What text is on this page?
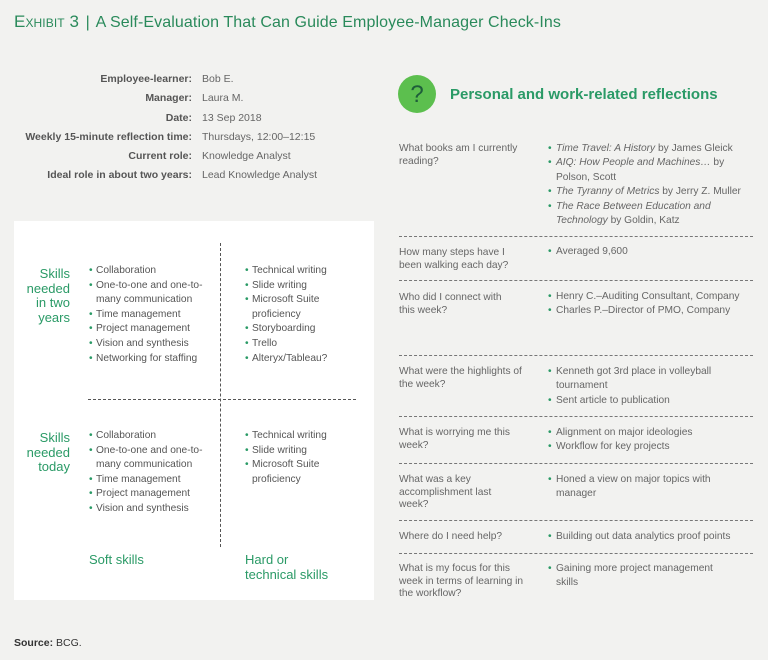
Exhibit 3 | A Self-Evaluation That Can Guide Employee-Manager Check-Ins
Employee-learner: Bob E.
Manager: Laura M.
Date: 13 Sep 2018
Weekly 15-minute reflection time: Thursdays, 12:00–12:15
Current role: Knowledge Analyst
Ideal role in about two years: Lead Knowledge Analyst
Skills
needed
in two
years
Skills
needed
today
• Collaboration
• One-to-one and one-to-many communication
• Time management
• Project management
• Vision and synthesis
• Networking for staffing
• Technical writing
• Slide writing
• Microsoft Suite proficiency
• Storyboarding
• Trello
• Alteryx/Tableau?
• Collaboration
• One-to-one and one-to-many communication
• Time management
• Project management
• Vision and synthesis
• Technical writing
• Slide writing
• Microsoft Suite proficiency
Soft skills	Hard or
technical skills
? Personal and work-related reflections
What books am I currently reading?
• Time Travel: A History by James Gleick
• AIQ: How People and Machines… by Polson, Scott
• The Tyranny of Metrics by Jerry Z. Muller
• The Race Between Education and Technology by Goldin, Katz
How many steps have I been walking each day?
• Averaged 9,600
Who did I connect with this week?
• Henry C.–Auditing Consultant, Company
• Charles P.–Director of PMO, Company
What were the highlights of the week?
• Kenneth got 3rd place in volleyball tournament
• Sent article to publication
What is worrying me this week?
• Alignment on major ideologies
• Workflow for key projects
What was a key accomplishment last week?
• Honed a view on major topics with manager
Where do I need help?
•	Building out data analytics proof points
What is my focus for this week in terms of learning in the workflow?
• Gaining more project management skills
Source: BCG.
